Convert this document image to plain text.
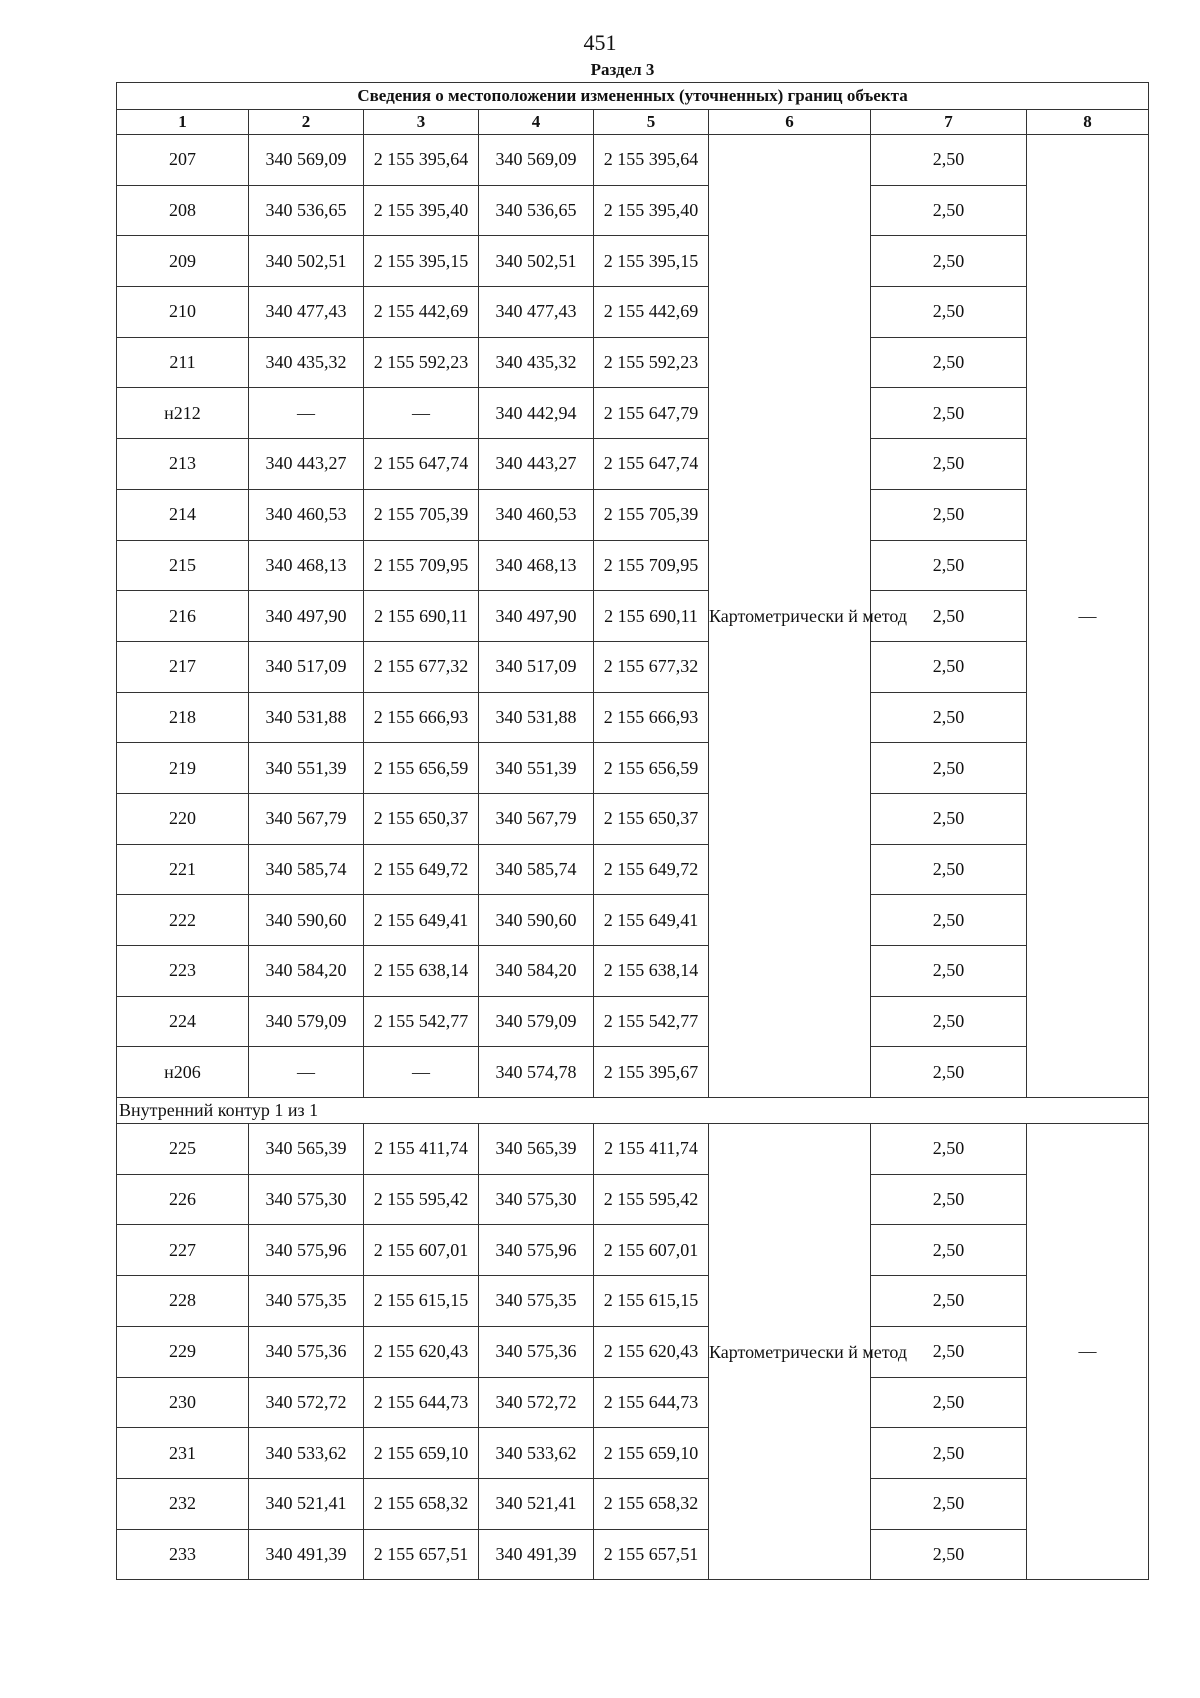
451
Раздел 3
Сведения о местоположении измененных (уточненных) границ объекта							
1	2	3	4	5	6	7	8
207	340 569,09	2 155 395,64	340 569,09	2 155 395,64	Картометрически й метод	2,50	—
208	340 536,65	2 155 395,40	340 536,65	2 155 395,40		2,50	
209	340 502,51	2 155 395,15	340 502,51	2 155 395,15		2,50	
210	340 477,43	2 155 442,69	340 477,43	2 155 442,69		2,50	
211	340 435,32	2 155 592,23	340 435,32	2 155 592,23		2,50	
н212	—	—	340 442,94	2 155 647,79		2,50	
213	340 443,27	2 155 647,74	340 443,27	2 155 647,74		2,50	
214	340 460,53	2 155 705,39	340 460,53	2 155 705,39		2,50	
215	340 468,13	2 155 709,95	340 468,13	2 155 709,95		2,50	
216	340 497,90	2 155 690,11	340 497,90	2 155 690,11		2,50	
217	340 517,09	2 155 677,32	340 517,09	2 155 677,32		2,50	
218	340 531,88	2 155 666,93	340 531,88	2 155 666,93		2,50	
219	340 551,39	2 155 656,59	340 551,39	2 155 656,59		2,50	
220	340 567,79	2 155 650,37	340 567,79	2 155 650,37		2,50	
221	340 585,74	2 155 649,72	340 585,74	2 155 649,72		2,50	
222	340 590,60	2 155 649,41	340 590,60	2 155 649,41		2,50	
223	340 584,20	2 155 638,14	340 584,20	2 155 638,14		2,50	
224	340 579,09	2 155 542,77	340 579,09	2 155 542,77		2,50	
н206	—	—	340 574,78	2 155 395,67		2,50	
Внутренний контур 1 из 1							
225	340 565,39	2 155 411,74	340 565,39	2 155 411,74	Картометрически й метод	2,50	—
226	340 575,30	2 155 595,42	340 575,30	2 155 595,42		2,50	
227	340 575,96	2 155 607,01	340 575,96	2 155 607,01		2,50	
228	340 575,35	2 155 615,15	340 575,35	2 155 615,15		2,50	
229	340 575,36	2 155 620,43	340 575,36	2 155 620,43		2,50	
230	340 572,72	2 155 644,73	340 572,72	2 155 644,73		2,50	
231	340 533,62	2 155 659,10	340 533,62	2 155 659,10		2,50	
232	340 521,41	2 155 658,32	340 521,41	2 155 658,32		2,50	
233	340 491,39	2 155 657,51	340 491,39	2 155 657,51		2,50	
